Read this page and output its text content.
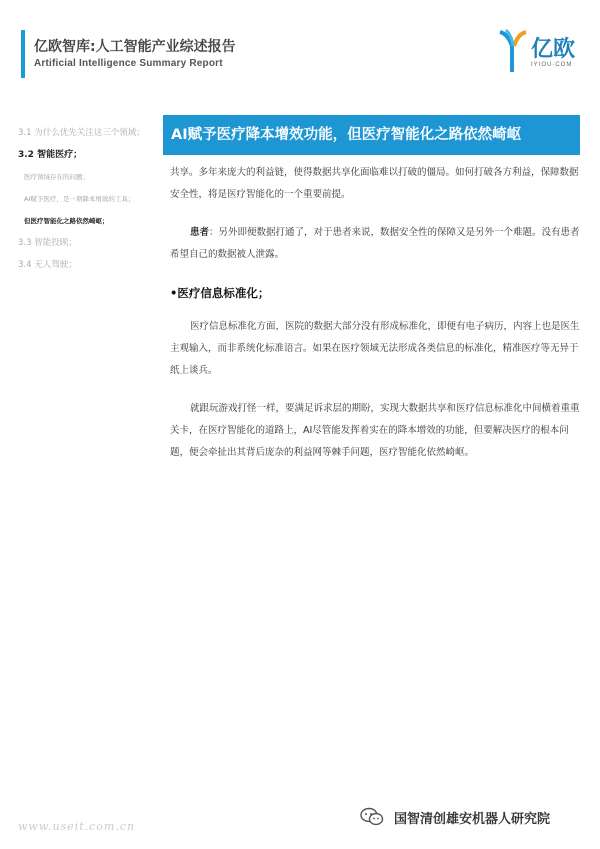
亿欧智库:人工智能产业综述报告
Artificial Intelligence Summary Report
亿欧
IYIOU·COM
3.1 为什么优先关注这三个领域；
3.2 智能医疗；
医疗领域存在的问题；
AI赋予医疗，是一项降本增效的工具；
但医疗智能化之路依然崎岖；
3.3 智能投顾；
3.4 无人驾驶；
AI赋予医疗降本增效功能，但医疗智能化之路依然崎岖

共享。多年来庞大的利益链，使得数据共享化面临难以打破的僵局。如何打破各方利益，保障数据安全性，将是医疗智能化的一个重要前提。

患者：另外即便数据打通了，对于患者来说，数据安全性的保障又是另外一个难题。没有患者希望自己的数据被人泄露。

•医疗信息标准化；

医疗信息标准化方面，医院的数据大部分没有形成标准化，即便有电子病历，内容上也是医生主观输入，而非系统化标准语言。如果在医疗领域无法形成各类信息的标准化，精准医疗等无异于纸上谈兵。

就跟玩游戏打怪一样，要满足诉求层的期盼，实现大数据共享和医疗信息标准化中间横着重重关卡，在医疗智能化的道路上，AI尽管能发挥着实在的降本增效的功能，但要解决医疗的根本问题，便会牵扯出其背后庞杂的利益网等棘手问题，医疗智能化依然崎岖。

www.useit.com.cn	国智清创雄安机器人研究院
